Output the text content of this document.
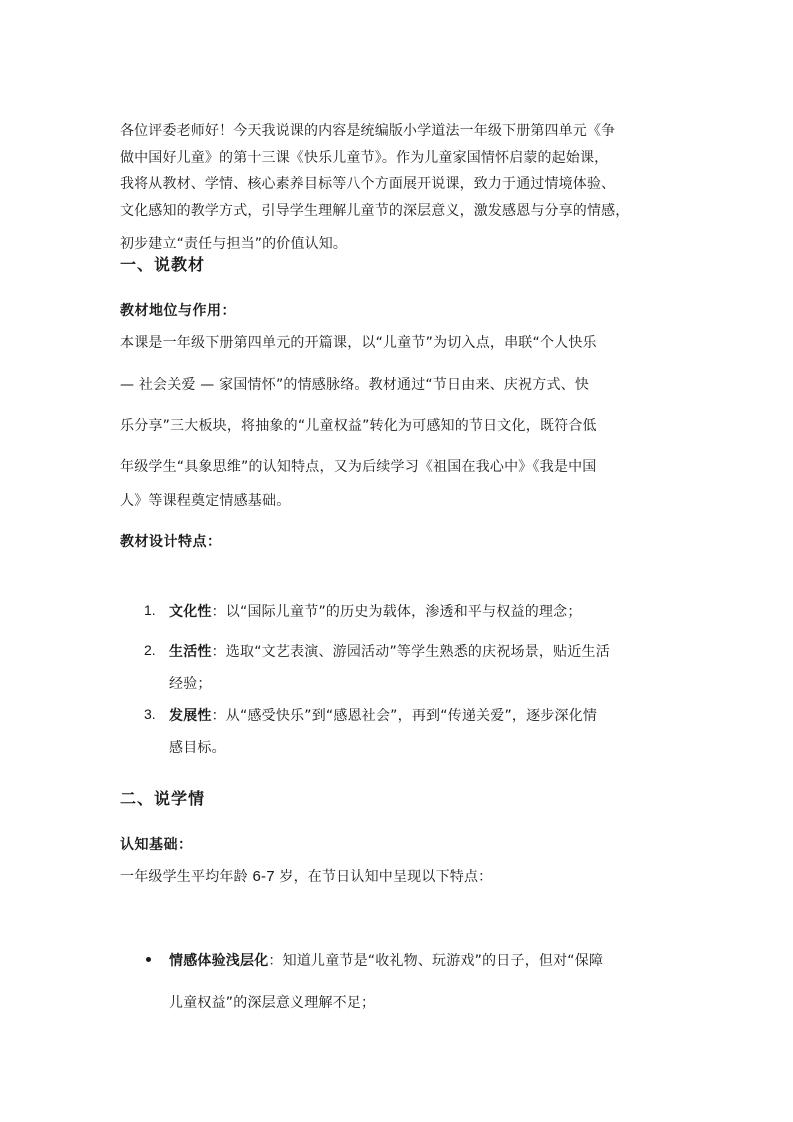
各位评委老师好！今天我说课的内容是统编版小学道法一年级下册第四单元《争
做中国好儿童》的第十三课《快乐儿童节》。作为儿童家国情怀启蒙的起始课，
我将从教材、学情、核心素养目标等八个方面展开说课，致力于通过情境体验、
文化感知的教学方式，引导学生理解儿童节的深层意义，激发感恩与分享的情感，
初步建立“责任与担当”的价值认知。
一、说教材
教材地位与作用：
本课是一年级下册第四单元的开篇课，以“儿童节”为切入点，串联“个人快乐
— 社会关爱 — 家国情怀”的情感脉络。教材通过“节日由来、庆祝方式、快
乐分享”三大板块，将抽象的“儿童权益”转化为可感知的节日文化，既符合低
年级学生“具象思维”的认知特点，又为后续学习《祖国在我心中》《我是中国
人》等课程奠定情感基础。
教材设计特点：
1. 文化性：以“国际儿童节”的历史为载体，渗透和平与权益的理念；
2. 生活性：选取“文艺表演、游园活动”等学生熟悉的庆祝场景，贴近生活
经验；
3. 发展性：从“感受快乐”到“感恩社会”，再到“传递关爱”，逐步深化情
感目标。
二、说学情
认知基础：
一年级学生平均年龄 6-7 岁，在节日认知中呈现以下特点：
情感体验浅层化：知道儿童节是“收礼物、玩游戏”的日子，但对“保障
儿童权益”的深层意义理解不足；
